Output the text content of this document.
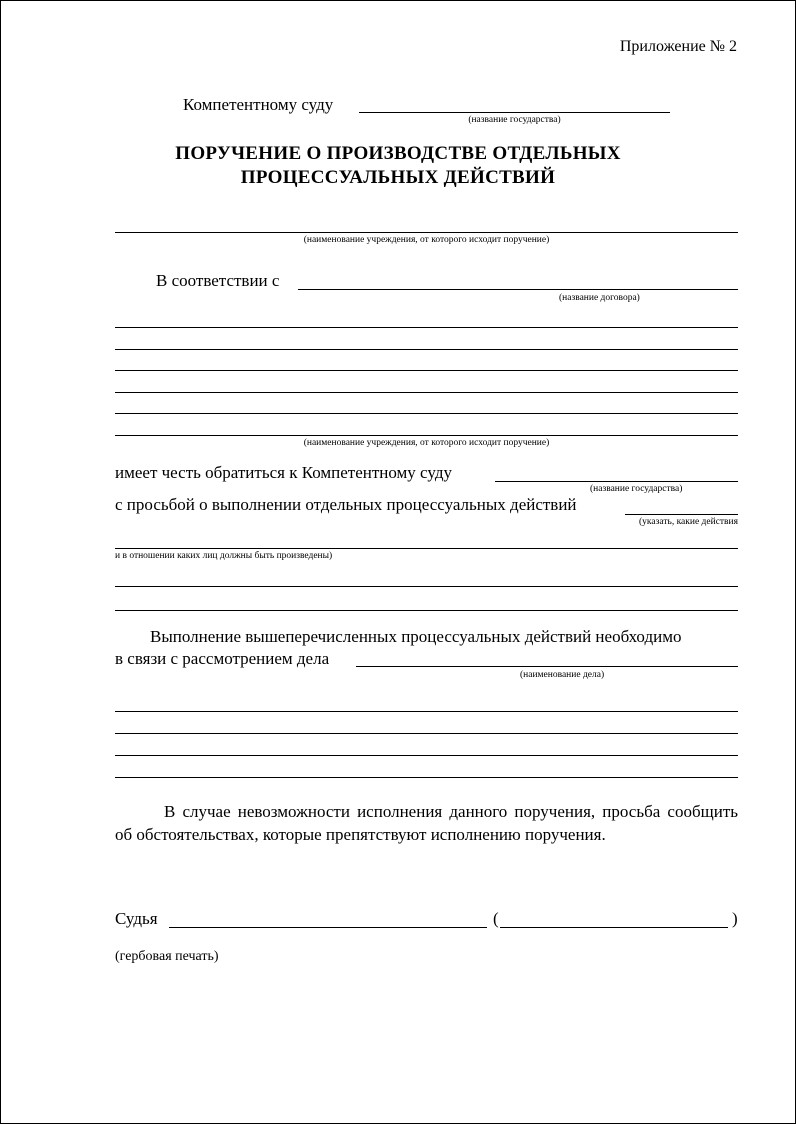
Приложение № 2
Компетентному суду
(название государства)
ПОРУЧЕНИЕ О ПРОИЗВОДСТВЕ ОТДЕЛЬНЫХ
ПРОЦЕССУАЛЬНЫХ ДЕЙСТВИЙ
(наименование учреждения, от которого исходит поручение)
В соответствии с
(название договора)
(наименование учреждения, от которого исходит поручение)
имеет честь обратиться к Компетентному суду
(название государства)
с просьбой о выполнении отдельных процессуальных действий
(указать, какие действия
и в отношении каких лиц должны быть произведены)
Выполнение вышеперечисленных процессуальных действий необходимо
в связи с рассмотрением дела
(наименование дела)
В случае невозможности исполнения данного поручения, просьба сообщить об обстоятельствах, которые препятствуют исполнению поручения.
Судья	(	)
(гербовая печать)
